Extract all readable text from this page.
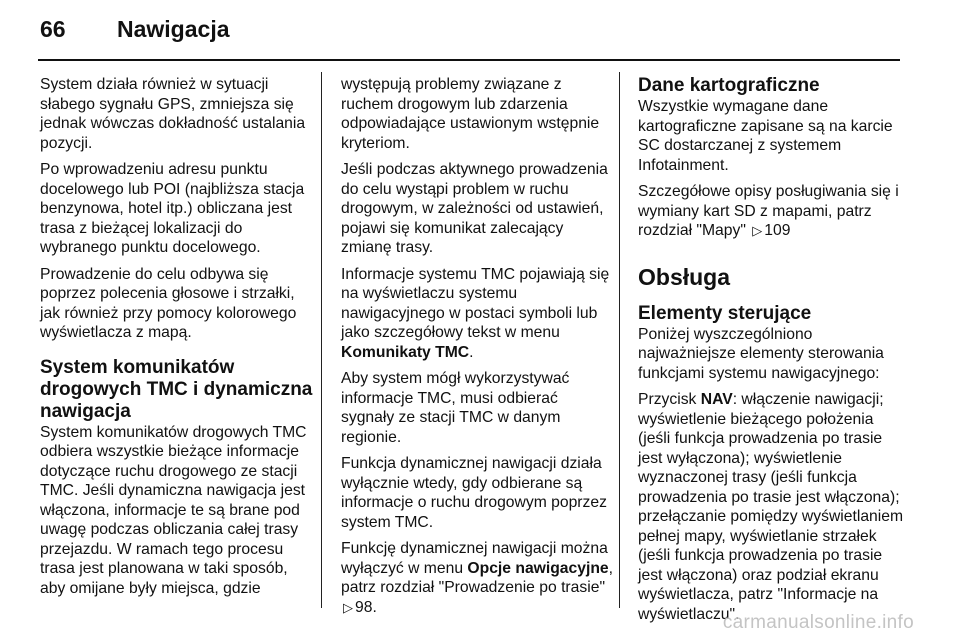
66 Nawigacja

System działa również w sytuacji słabego sygnału GPS, zmniejsza się jednak wówczas dokładność ustalania pozycji.

Po wprowadzeniu adresu punktu docelowego lub POI (najbliższa stacja benzynowa, hotel itp.) obliczana jest trasa z bieżącej lokalizacji do wybranego punktu docelowego.

Prowadzenie do celu odbywa się poprzez polecenia głosowe i strzałki, jak również przy pomocy kolorowego wyświetlacza z mapą.

System komunikatów drogowych TMC i dynamiczna nawigacja

System komunikatów drogowych TMC odbiera wszystkie bieżące informacje dotyczące ruchu drogowego ze stacji TMC. Jeśli dynamiczna nawigacja jest włączona, informacje te są brane pod uwagę podczas obliczania całej trasy przejazdu. W ramach tego procesu trasa jest planowana w taki sposób, aby omijane były miejsca, gdzie

występują problemy związane z ruchem drogowym lub zdarzenia odpowiadające ustawionym wstępnie kryteriom.

Jeśli podczas aktywnego prowadzenia do celu wystąpi problem w ruchu drogowym, w zależności od ustawień, pojawi się komunikat zalecający zmianę trasy.

Informacje systemu TMC pojawiają się na wyświetlaczu systemu nawigacyjnego w postaci symboli lub jako szczegółowy tekst w menu Komunikaty TMC.

Aby system mógł wykorzystywać informacje TMC, musi odbierać sygnały ze stacji TMC w danym regionie.

Funkcja dynamicznej nawigacji działa wyłącznie wtedy, gdy odbierane są informacje o ruchu drogowym poprzez system TMC.

Funkcję dynamicznej nawigacji można wyłączyć w menu Opcje nawigacyjne, patrz rozdział "Prowadzenie po trasie" ▷ 98.

Dane kartograficzne

Wszystkie wymagane dane kartograficzne zapisane są na karcie SC dostarczanej z systemem Infotainment.

Szczegółowe opisy posługiwania się i wymiany kart SD z mapami, patrz rozdział "Mapy" ▷ 109

Obsługa
Elementy sterujące

Poniżej wyszczególniono najważniejsze elementy sterowania funkcjami systemu nawigacyjnego:

Przycisk NAV: włączenie nawigacji; wyświetlenie bieżącego położenia (jeśli funkcja prowadzenia po trasie jest wyłączona); wyświetlenie wyznaczonej trasy (jeśli funkcja prowadzenia po trasie jest włączona); przełączanie pomiędzy wyświetlaniem pełnej mapy, wyświetlanie strzałek (jeśli funkcja prowadzenia po trasie jest włączona) oraz podział ekranu wyświetlacza, patrz "Informacje na wyświetlaczu".

carmanualsonline.info
